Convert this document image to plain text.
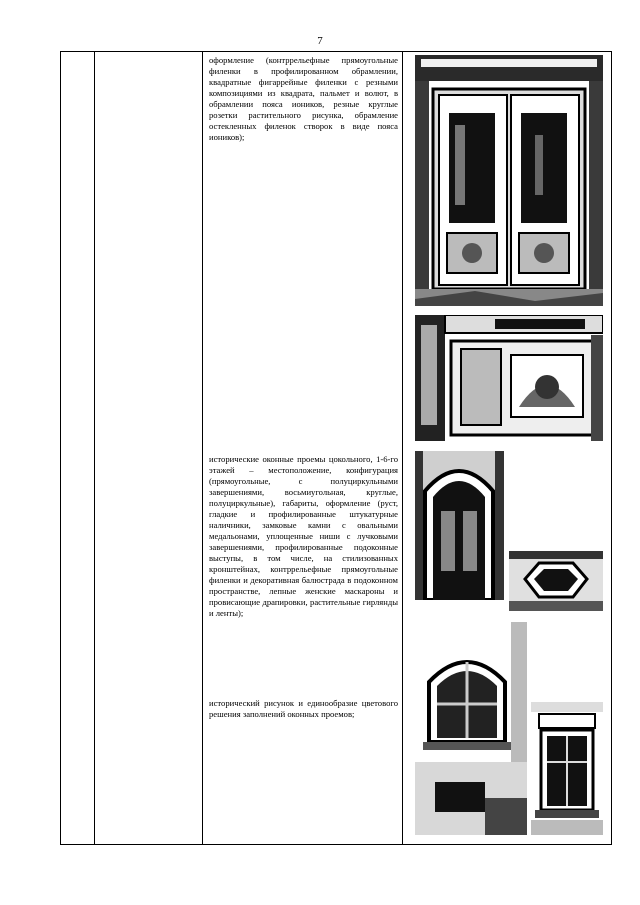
7

оформление (контррельефные прямоугольные филенки в профилированном обрамлении, квадратные фигаррейные филенки с резными композициями из квадрата, пальмет и волют, в обрамлении пояса иоников, резные круглые розетки растительного рисунка, обрамление остекленных филенок створок в виде пояса иоников);

исторические оконные проемы цокольного, 1-6-го этажей – местоположение, конфигурация (прямоугольные, с полуциркульными завершениями, восьмиугольная, круглые, полуциркульные), габариты, оформление (руст, гладкие и профилированные штукатурные наличники, замковые камни с овальными медальонами, уплощенные ниши с лучковыми завершениями, профилированные подоконные выступы, в том числе, на стилизованных кронштейнах, контррельефные прямоугольные филенки и декоративная балюстрада в подоконном пространстве, лепные женские маскароны и провисающие драпировки, растительные гирлянды и ленты);

исторический рисунок и единообразие цветового решения заполнений оконных проемов;
